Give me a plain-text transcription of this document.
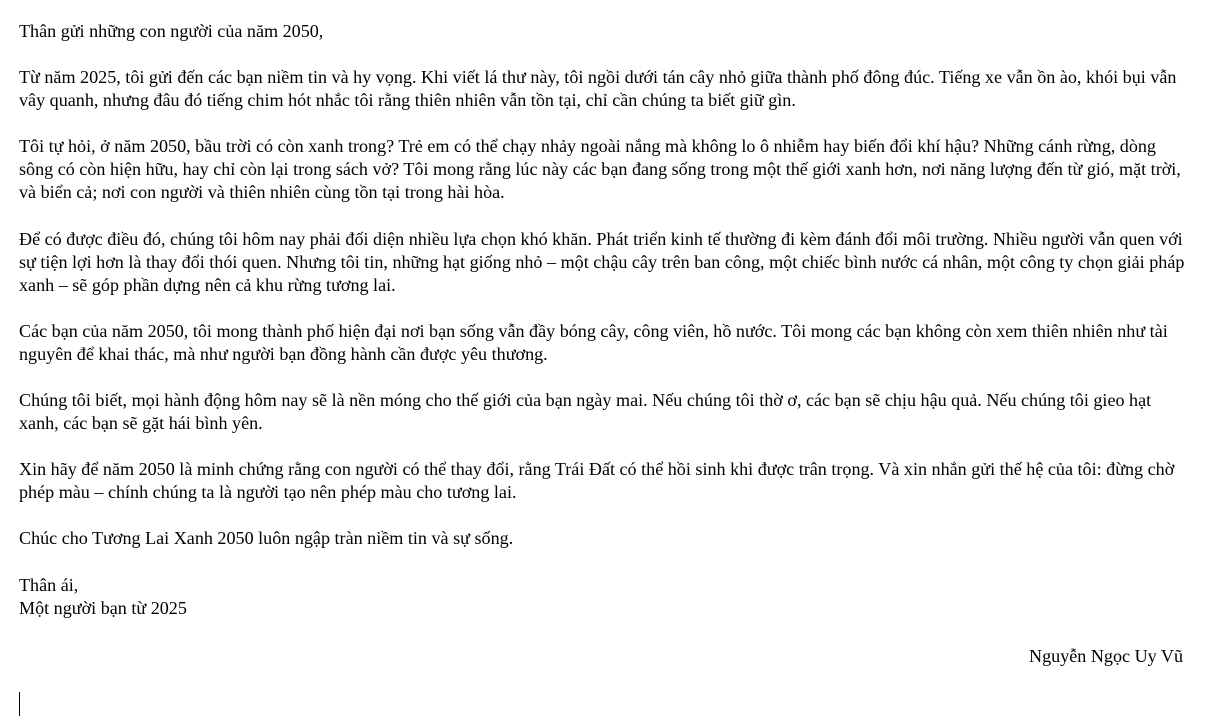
Thân gửi những con người của năm 2050,

Từ năm 2025, tôi gửi đến các bạn niềm tin và hy vọng. Khi viết lá thư này, tôi ngồi dưới tán cây nhỏ giữa thành phố đông đúc. Tiếng xe vẫn ồn ào, khói bụi vẫn vây quanh, nhưng đâu đó tiếng chim hót nhắc tôi rằng thiên nhiên vẫn tồn tại, chỉ cần chúng ta biết giữ gìn.

Tôi tự hỏi, ở năm 2050, bầu trời có còn xanh trong? Trẻ em có thể chạy nhảy ngoài nắng mà không lo ô nhiễm hay biến đổi khí hậu? Những cánh rừng, dòng sông có còn hiện hữu, hay chỉ còn lại trong sách vở? Tôi mong rằng lúc này các bạn đang sống trong một thế giới xanh hơn, nơi năng lượng đến từ gió, mặt trời, và biển cả; nơi con người và thiên nhiên cùng tồn tại trong hài hòa.

Để có được điều đó, chúng tôi hôm nay phải đối diện nhiều lựa chọn khó khăn. Phát triển kinh tế thường đi kèm đánh đổi môi trường. Nhiều người vẫn quen với sự tiện lợi hơn là thay đổi thói quen. Nhưng tôi tin, những hạt giống nhỏ – một chậu cây trên ban công, một chiếc bình nước cá nhân, một công ty chọn giải pháp xanh – sẽ góp phần dựng nên cả khu rừng tương lai.

Các bạn của năm 2050, tôi mong thành phố hiện đại nơi bạn sống vẫn đầy bóng cây, công viên, hồ nước. Tôi mong các bạn không còn xem thiên nhiên như tài nguyên để khai thác, mà như người bạn đồng hành cần được yêu thương.

Chúng tôi biết, mọi hành động hôm nay sẽ là nền móng cho thế giới của bạn ngày mai. Nếu chúng tôi thờ ơ, các bạn sẽ chịu hậu quả. Nếu chúng tôi gieo hạt xanh, các bạn sẽ gặt hái bình yên.

Xin hãy để năm 2050 là minh chứng rằng con người có thể thay đổi, rằng Trái Đất có thể hồi sinh khi được trân trọng. Và xin nhắn gửi thế hệ của tôi: đừng chờ phép màu – chính chúng ta là người tạo nên phép màu cho tương lai.

Chúc cho Tương Lai Xanh 2050 luôn ngập tràn niềm tin và sự sống.

Thân ái,

Một người bạn từ 2025

Nguyễn Ngọc Uy Vũ
